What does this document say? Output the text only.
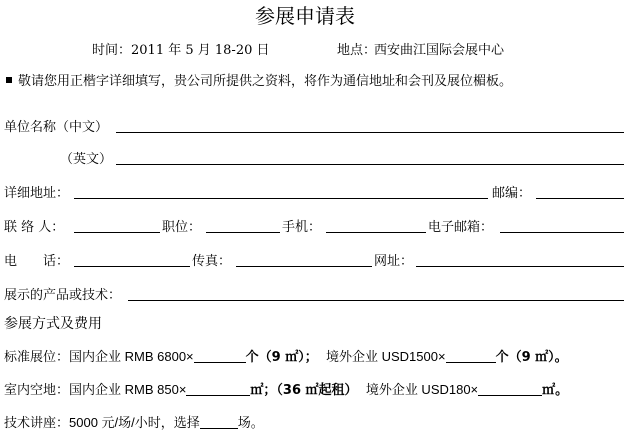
参展申请表
时间： 2011 年 5 月 18-20 日	地点：
西安曲江国际会展中心
敬请您用正楷字详细填写，贵公司所提供之资料，将作为通信地址和会刊及展位楣板。
单位名称（中文）
（英文）
详细地址：	邮编：
联 络 人：	职位：	手机：	电子邮箱：
电　　话：	传真：	网址：
展示的产品或技术：
参展方式及费用
标准展位：国内企业 RMB 6800×	个（9 ㎡）； 境外企业 USD1500×	个（9 ㎡）。
室内空地：国内企业 RMB 850×	㎡；（36 ㎡起租） 境外企业 USD180×	㎡。
技术讲座：5000 元/场/小时，选择	场。
